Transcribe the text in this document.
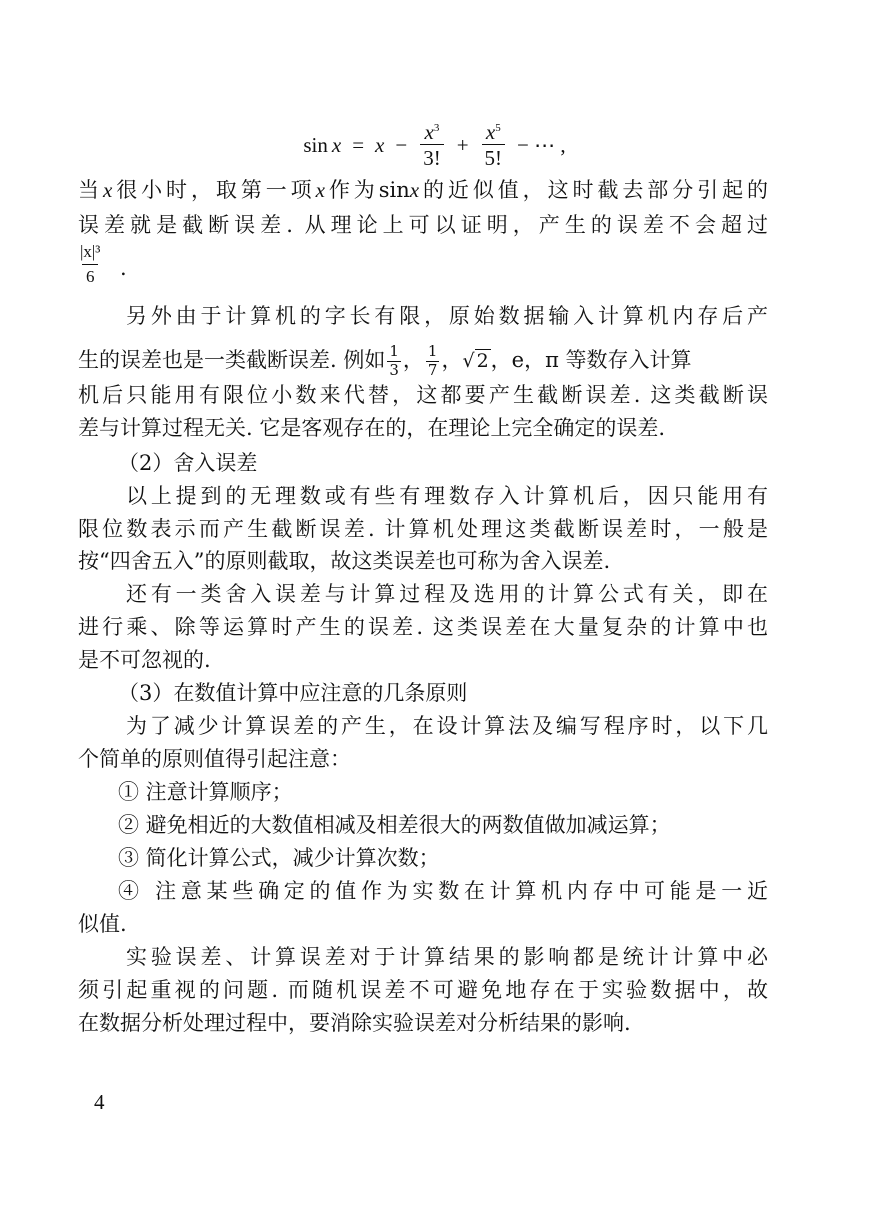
$\sin x = x - \frac{x^3}{3!} + \frac{x^5}{5!}$ − ⋯ ,
当x很小时，取第一项x作为sinx的近似值，这时截去部分引起的
误差就是截断误差. 从理论上可以证明，产生的误差不会超过
$\frac{\text{|x|³}}{6}$ .
另外由于计算机的字长有限，原始数据输入计算机内存后产
生的误差也是一类截断误差. 例如 $\frac{1}{3}$ ， $\frac{1}{7}$ ，√ 2，e，π 等数存入计算
机后只能用有限位小数来代替，这都要产生截断误差. 这类截断误
差与计算过程无关. 它是客观存在的，在理论上完全确定的误差.
（2）舍入误差
以上提到的无理数或有些有理数存入计算机后，因只能用有
限位数表示而产生截断误差. 计算机处理这类截断误差时，一般是
按“四舍五入”的原则截取，故这类误差也可称为舍入误差.
还有一类舍入误差与计算过程及选用的计算公式有关，即在
进行乘、除等运算时产生的误差. 这类误差在大量复杂的计算中也
是不可忽视的.
（3）在数值计算中应注意的几条原则
为了减少计算误差的产生，在设计算法及编写程序时，以下几
个简单的原则值得引起注意：
① 注意计算顺序；
② 避免相近的大数值相减及相差很大的两数值做加减运算；
③ 简化计算公式，减少计算次数；
④ 注意某些确定的值作为实数在计算机内存中可能是一近
似值.
实验误差、计算误差对于计算结果的影响都是统计计算中必
须引起重视的问题. 而随机误差不可避免地存在于实验数据中，故
在数据分析处理过程中，要消除实验误差对分析结果的影响.
4
